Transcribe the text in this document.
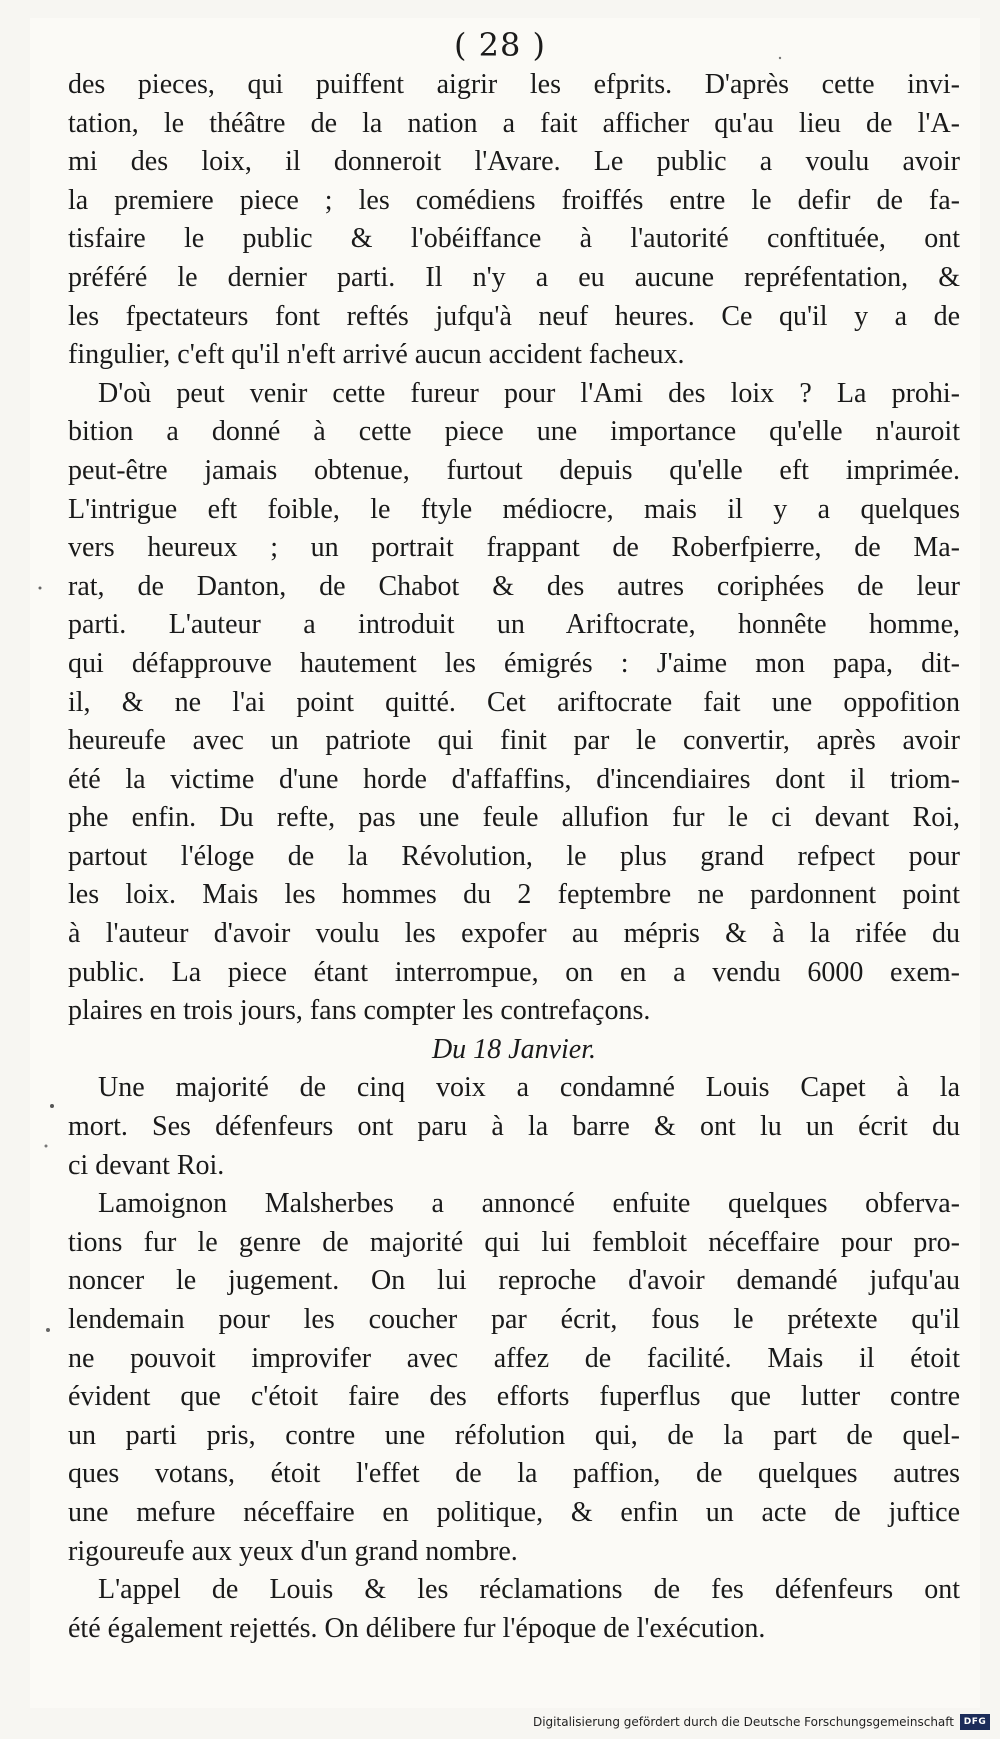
( 28 )
des pieces, qui puiffent aigrir les efprits. D'après cette invi-
tation, le théâtre de la nation a fait afficher qu'au lieu de l'A-
mi des loix, il donneroit l'Avare. Le public a voulu avoir
la premiere piece ; les comédiens froiffés entre le defir de fa-
tisfaire le public & l'obéiffance à l'autorité conftituée, ont
préféré le dernier parti. Il n'y a eu aucune repréfentation, &
les fpectateurs font reftés jufqu'à neuf heures. Ce qu'il y a de
fingulier, c'eft qu'il n'eft arrivé aucun accident facheux.
D'où peut venir cette fureur pour l'Ami des loix ? La prohi-
bition a donné à cette piece une importance qu'elle n'auroit
peut-être jamais obtenue, furtout depuis qu'elle eft imprimée.
L'intrigue eft foible, le ftyle médiocre, mais il y a quelques
vers heureux ; un portrait frappant de Roberfpierre, de Ma-
rat, de Danton, de Chabot & des autres coriphées de leur
parti. L'auteur a introduit un Ariftocrate, honnête homme,
qui défapprouve hautement les émigrés : J'aime mon papa, dit-
il, & ne l'ai point quitté. Cet ariftocrate fait une oppofition
heureufe avec un patriote qui finit par le convertir, après avoir
été la victime d'une horde d'affaffins, d'incendiaires dont il triom-
phe enfin. Du refte, pas une feule allufion fur le ci devant Roi,
partout l'éloge de la Révolution, le plus grand refpect pour
les loix. Mais les hommes du 2 feptembre ne pardonnent point
à l'auteur d'avoir voulu les expofer au mépris & à la rifée du
public. La piece étant interrompue, on en a vendu 6000 exem-
plaires en trois jours, fans compter les contrefaçons.
Du 18 Janvier.
Une majorité de cinq voix a condamné Louis Capet à la
mort. Ses défenfeurs ont paru à la barre & ont lu un écrit du
ci devant Roi.
Lamoignon Malsherbes a annoncé enfuite quelques obferva-
tions fur le genre de majorité qui lui fembloit néceffaire pour pro-
noncer le jugement. On lui reproche d'avoir demandé jufqu'au
lendemain pour les coucher par écrit, fous le prétexte qu'il
ne pouvoit improvifer avec affez de facilité. Mais il étoit
évident que c'étoit faire des efforts fuperflus que lutter contre
un parti pris, contre une réfolution qui, de la part de quel-
ques votans, étoit l'effet de la paffion, de quelques autres
une mefure néceffaire en politique, & enfin un acte de juftice
rigoureufe aux yeux d'un grand nombre.
L'appel de Louis & les réclamations de fes défenfeurs ont
été également rejettés. On délibere fur l'époque de l'exécution.
Digitalisierung gefördert durch die Deutsche Forschungsgemeinschaft	DFG
